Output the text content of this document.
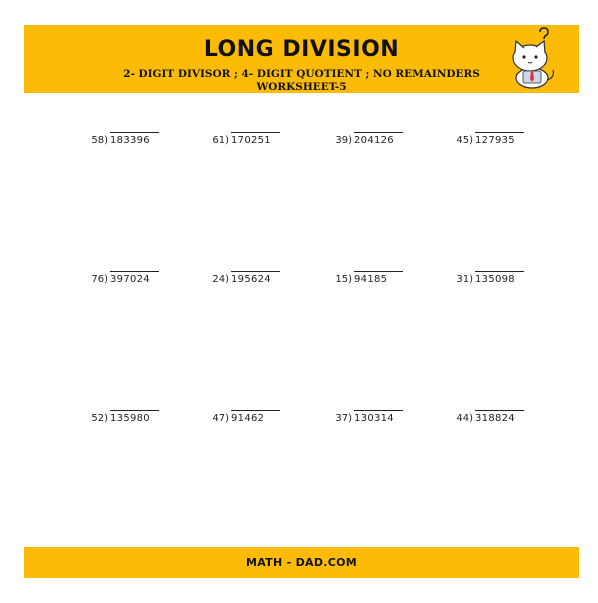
LONG DIVISION
2- DIGIT DIVISOR ; 4- DIGIT QUOTIENT ; NO REMAINDERS
WORKSHEET-5
58) 183396	61) 170251	39) 204126	45) 127935
76) 397024	24) 195624	15) 94185	31) 135098
52) 135980	47) 91462	37) 130314	44) 318824
MATH - DAD.COM
